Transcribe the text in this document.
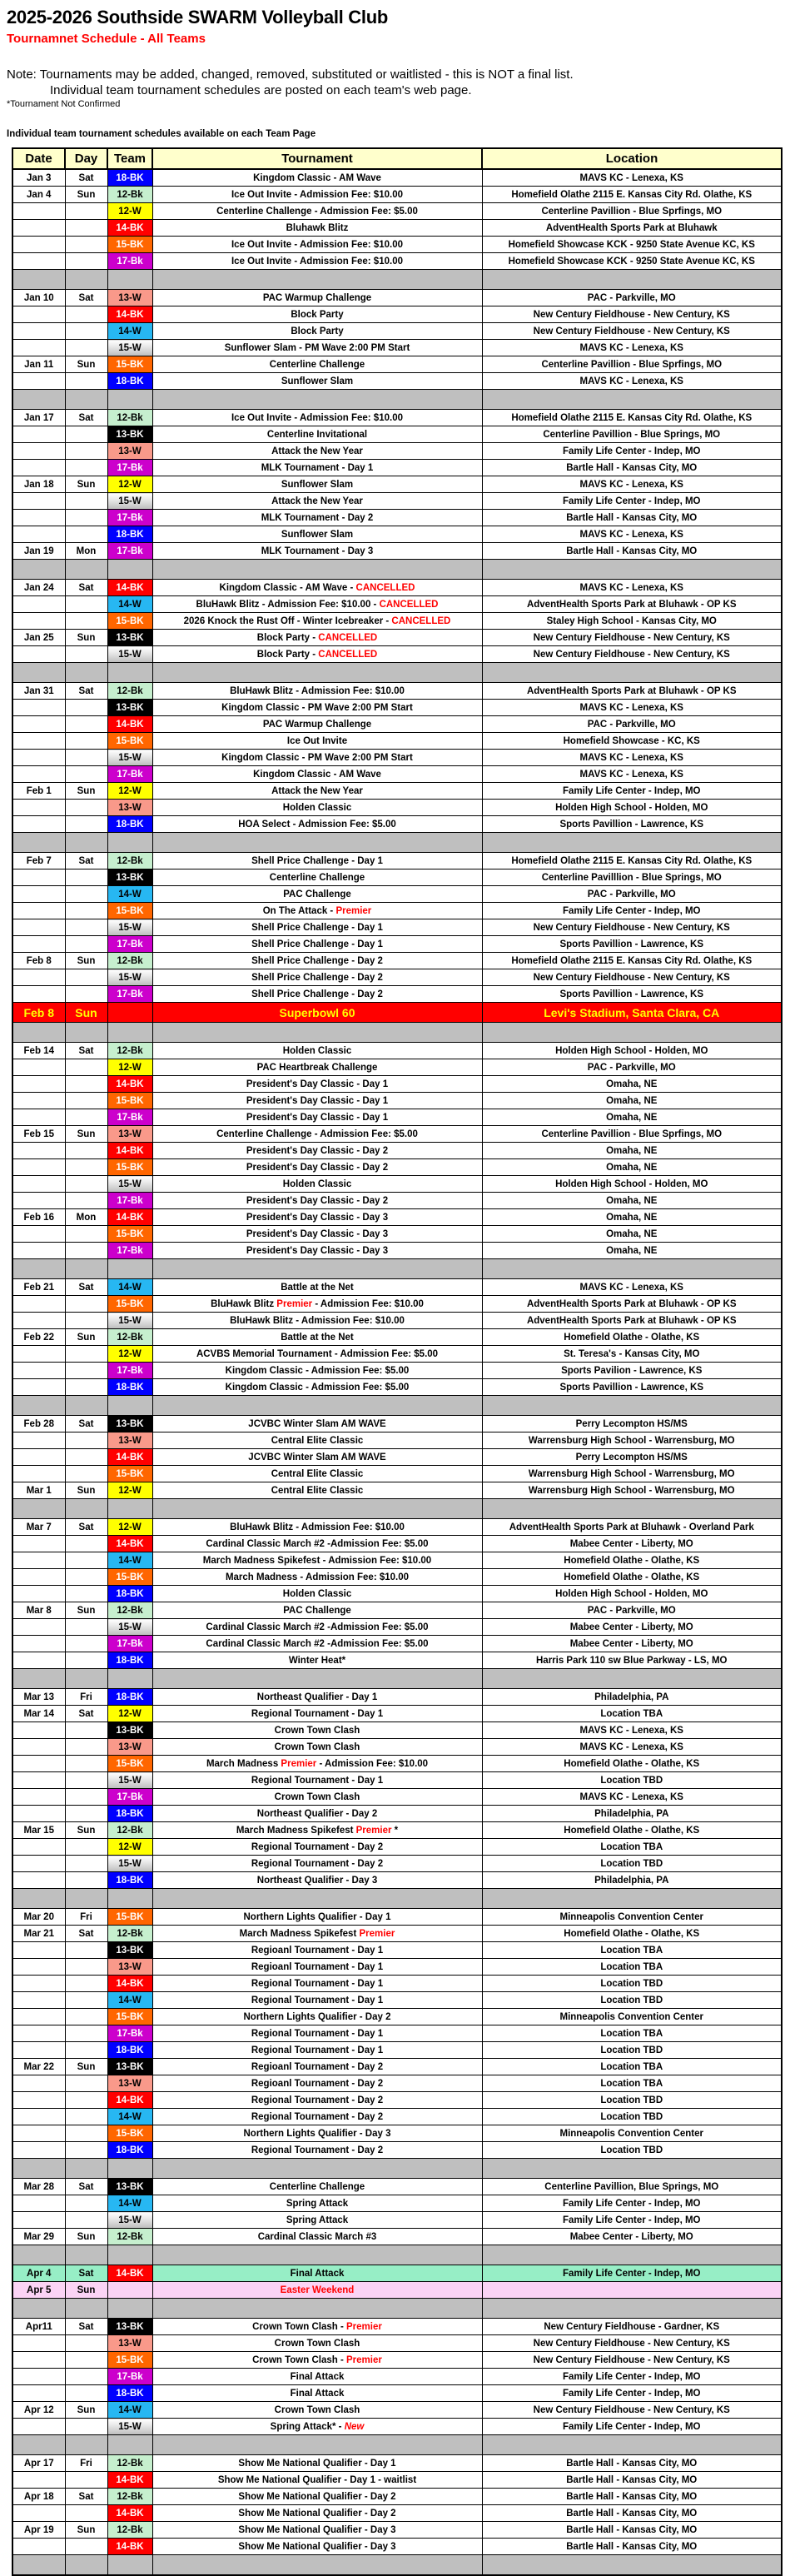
2025-2026 Southside SWARM Volleyball Club
Tournamnet Schedule - All Teams
Note: Tournaments may be added, changed, removed, substituted or waitlisted - this is NOT a final list.
Individual team tournament schedules are posted on each team's web page.
*Tournament Not Confirmed
Individual team tournament schedules available on each Team Page
Date	Day	Team	Tournament	Location
Jan 3	Sat	18-BK	Kingdom Classic - AM Wave	MAVS KC - Lenexa, KS
Jan 4	Sun	12-Bk	Ice Out Invite - Admission Fee: $10.00	Homefield Olathe 2115 E. Kansas City Rd. Olathe, KS
		12-W	Centerline Challenge - Admission Fee: $5.00	Centerline Pavillion - Blue Sprfings, MO
		14-BK	Bluhawk Blitz	AdventHealth Sports Park at Bluhawk
		15-BK	Ice Out Invite - Admission Fee: $10.00	Homefield Showcase KCK - 9250 State Avenue KC, KS
		17-Bk	Ice Out Invite - Admission Fee: $10.00	Homefield Showcase KCK - 9250 State Avenue KC, KS

Jan 10	Sat	13-W	PAC Warmup Challenge	PAC - Parkville, MO
		14-BK	Block Party	New Century Fieldhouse - New Century, KS
		14-W	Block Party	New Century Fieldhouse - New Century, KS
		15-W	Sunflower Slam - PM Wave 2:00 PM Start	MAVS KC - Lenexa, KS
Jan 11	Sun	15-BK	Centerline Challenge	Centerline Pavillion - Blue Sprfings, MO
		18-BK	Sunflower Slam	MAVS KC - Lenexa, KS

Jan 17	Sat	12-Bk	Ice Out Invite - Admission Fee: $10.00	Homefield Olathe 2115 E. Kansas City Rd. Olathe, KS
		13-BK	Centerline Invitational	Centerline Pavillion - Blue Springs, MO
		13-W	Attack the New Year	Family Life Center - Indep, MO
		17-Bk	MLK Tournament - Day 1	Bartle Hall - Kansas City, MO
Jan 18	Sun	12-W	Sunflower Slam	MAVS KC - Lenexa, KS
		15-W	Attack the New Year	Family Life Center - Indep, MO
		17-Bk	MLK Tournament - Day 2	Bartle Hall - Kansas City, MO
		18-BK	Sunflower Slam	MAVS KC - Lenexa, KS
Jan 19	Mon	17-Bk	MLK Tournament - Day 3	Bartle Hall - Kansas City, MO

Jan 24	Sat	14-BK	Kingdom Classic - AM Wave - CANCELLED	MAVS KC - Lenexa, KS
		14-W	BluHawk Blitz - Admission Fee: $10.00 - CANCELLED	AdventHealth Sports Park at Bluhawk - OP KS
		15-BK	2026 Knock the Rust Off - Winter Icebreaker - CANCELLED	Staley High School - Kansas City, MO
Jan 25	Sun	13-BK	Block Party - CANCELLED	New Century Fieldhouse - New Century, KS
		15-W	Block Party - CANCELLED	New Century Fieldhouse - New Century, KS

Jan 31	Sat	12-Bk	BluHawk Blitz - Admission Fee: $10.00	AdventHealth Sports Park at Bluhawk - OP KS
		13-BK	Kingdom Classic - PM Wave 2:00 PM Start	MAVS KC - Lenexa, KS
		14-BK	PAC Warmup Challenge	PAC - Parkville, MO
		15-BK	Ice Out Invite	Homefield Showcase - KC, KS
		15-W	Kingdom Classic - PM Wave 2:00 PM Start	MAVS KC - Lenexa, KS
		17-Bk	Kingdom Classic - AM Wave	MAVS KC - Lenexa, KS
Feb 1	Sun	12-W	Attack the New Year	Family Life Center - Indep, MO
		13-W	Holden Classic	Holden High School - Holden, MO
		18-BK	HOA Select - Admission Fee: $5.00	Sports Pavillion - Lawrence, KS

Feb 7	Sat	12-Bk	Shell Price Challenge - Day 1	Homefield Olathe 2115 E. Kansas City Rd. Olathe, KS
		13-BK	Centerline Challenge	Centerline Pavilllion - Blue Springs, MO
		14-W	PAC Challenge	PAC - Parkville, MO
		15-BK	On The Attack - Premier	Family Life Center - Indep, MO
		15-W	Shell Price Challenge - Day 1	New Century Fieldhouse - New Century, KS
		17-Bk	Shell Price Challenge - Day 1	Sports Pavillion - Lawrence, KS
Feb 8	Sun	12-Bk	Shell Price Challenge - Day 2	Homefield Olathe 2115 E. Kansas City Rd. Olathe, KS
		15-W	Shell Price Challenge - Day 2	New Century Fieldhouse - New Century, KS
		17-Bk	Shell Price Challenge - Day 2	Sports Pavillion - Lawrence, KS
Feb 8	Sun		Superbowl 60	Levi's Stadium, Santa Clara, CA

Feb 14	Sat	12-Bk	Holden Classic	Holden High School - Holden, MO
		12-W	PAC Heartbreak Challenge	PAC - Parkville, MO
		14-BK	President's Day Classic - Day 1	Omaha, NE
		15-BK	President's Day Classic - Day 1	Omaha, NE
		17-Bk	President's Day Classic - Day 1	Omaha, NE
Feb 15	Sun	13-W	Centerline Challenge - Admission Fee: $5.00	Centerline Pavillion - Blue Sprfings, MO
		14-BK	President's Day Classic - Day 2	Omaha, NE
		15-BK	President's Day Classic - Day 2	Omaha, NE
		15-W	Holden Classic	Holden High School - Holden, MO
		17-Bk	President's Day Classic - Day 2	Omaha, NE
Feb 16	Mon	14-BK	President's Day Classic - Day 3	Omaha, NE
		15-BK	President's Day Classic - Day 3	Omaha, NE
		17-Bk	President's Day Classic - Day 3	Omaha, NE

Feb 21	Sat	14-W	Battle at the Net	MAVS KC - Lenexa, KS
		15-BK	BluHawk Blitz Premier - Admission Fee: $10.00	AdventHealth Sports Park at Bluhawk - OP KS
		15-W	BluHawk Blitz - Admission Fee: $10.00	AdventHealth Sports Park at Bluhawk - OP KS
Feb 22	Sun	12-Bk	Battle at the Net	Homefield Olathe - Olathe, KS
		12-W	ACVBS Memorial Tournament - Admission Fee: $5.00	St. Teresa's - Kansas City, MO
		17-Bk	Kingdom Classic - Admission Fee: $5.00	Sports Pavilion - Lawrence, KS
		18-BK	Kingdom Classic - Admission Fee: $5.00	Sports Pavillion - Lawrence, KS

Feb 28	Sat	13-BK	JCVBC Winter Slam AM WAVE	Perry Lecompton HS/MS
		13-W	Central Elite Classic	Warrensburg High School - Warrensburg, MO
		14-BK	JCVBC Winter Slam AM WAVE	Perry Lecompton HS/MS
		15-BK	Central Elite Classic	Warrensburg High School - Warrensburg, MO
Mar 1	Sun	12-W	Central Elite Classic	Warrensburg High School - Warrensburg, MO

Mar 7	Sat	12-W	BluHawk Blitz - Admission Fee: $10.00	AdventHealth Sports Park at Bluhawk - Overland Park
		14-BK	Cardinal Classic March #2 -Admission Fee: $5.00	Mabee Center - Liberty, MO
		14-W	March Madness Spikefest - Admission Fee: $10.00	Homefield Olathe - Olathe, KS
		15-BK	March Madness - Admission Fee: $10.00	Homefield Olathe - Olathe, KS
		18-BK	Holden Classic	Holden High School - Holden, MO
Mar 8	Sun	12-Bk	PAC Challenge	PAC - Parkville, MO
		15-W	Cardinal Classic March #2 -Admission Fee: $5.00	Mabee Center - Liberty, MO
		17-Bk	Cardinal Classic March #2 -Admission Fee: $5.00	Mabee Center - Liberty, MO
		18-BK	Winter Heat*	Harris Park 110 sw Blue Parkway - LS, MO

Mar 13	Fri	18-BK	Northeast Qualifier - Day 1	Philadelphia, PA
Mar 14	Sat	12-W	Regional Tournament - Day 1	Location TBA
		13-BK	Crown Town Clash	MAVS KC - Lenexa, KS
		13-W	Crown Town Clash	MAVS KC - Lenexa, KS
		15-BK	March Madness Premier - Admission Fee: $10.00	Homefield Olathe - Olathe, KS
		15-W	Regional Tournament - Day 1	Location TBD
		17-Bk	Crown Town Clash	MAVS KC - Lenexa, KS
		18-BK	Northeast Qualifier - Day 2	Philadelphia, PA
Mar 15	Sun	12-Bk	March Madness Spikefest Premier *	Homefield Olathe - Olathe, KS
		12-W	Regional Tournament - Day 2	Location TBA
		15-W	Regional Tournament - Day 2	Location TBD
		18-BK	Northeast Qualifier - Day 3	Philadelphia, PA

Mar 20	Fri	15-BK	Northern Lights Qualifier - Day 1	Minneapolis Convention Center
Mar 21	Sat	12-Bk	March Madness Spikefest Premier	Homefield Olathe - Olathe, KS
		13-BK	Regioanl Tournament - Day 1	Location TBA
		13-W	Regioanl Tournament - Day 1	Location TBA
		14-BK	Regional Tournament - Day 1	Location TBD
		14-W	Regional Tournament - Day 1	Location TBD
		15-BK	Northern Lights Qualifier - Day 2	Minneapolis Convention Center
		17-Bk	Regional Tournament - Day 1	Location TBA
		18-BK	Regional Tournament - Day 1	Location TBD
Mar 22	Sun	13-BK	Regioanl Tournament - Day 2	Location TBA
		13-W	Regioanl Tournament - Day 2	Location TBA
		14-BK	Regional Tournament - Day 2	Location TBD
		14-W	Regional Tournament - Day 2	Location TBD
		15-BK	Northern Lights Qualifier - Day 3	Minneapolis Convention Center
		18-BK	Regional Tournament - Day 2	Location TBD

Mar 28	Sat	13-BK	Centerline Challenge	Centerline Pavillion, Blue Springs, MO
		14-W	Spring Attack	Family Life Center - Indep, MO
		15-W	Spring Attack	Family Life Center - Indep, MO
Mar 29	Sun	12-Bk	Cardinal Classic March #3	Mabee Center - Liberty, MO

Apr 4	Sat	14-BK	Final Attack	Family Life Center - Indep, MO
Apr 5	Sun		Easter Weekend	

Apr11	Sat	13-BK	Crown Town Clash - Premier	New Century Fieldhouse - Gardner, KS
		13-W	Crown Town Clash	New Century Fieldhouse - New Century, KS
		15-BK	Crown Town Clash - Premier	New Century Fieldhouse - New Century, KS
		17-Bk	Final Attack	Family Life Center - Indep, MO
		18-BK	Final Attack	Family Life Center - Indep, MO
Apr 12	Sun	14-W	Crown Town Clash	New Century Fieldhouse - New Century, KS
		15-W	Spring Attack* - New	Family Life Center - Indep, MO

Apr 17	Fri	12-Bk	Show Me National Qualifier - Day 1	Bartle Hall - Kansas City, MO
		14-BK	Show Me National Qualifier - Day 1 - waitlist	Bartle Hall - Kansas City, MO
Apr 18	Sat	12-Bk	Show Me National Qualifier - Day 2	Bartle Hall - Kansas City, MO
		14-BK	Show Me National Qualifier - Day 2	Bartle Hall - Kansas City, MO
Apr 19	Sun	12-Bk	Show Me National Qualifier - Day 3	Bartle Hall - Kansas City, MO
		14-BK	Show Me National Qualifier - Day 3	Bartle Hall - Kansas City, MO
